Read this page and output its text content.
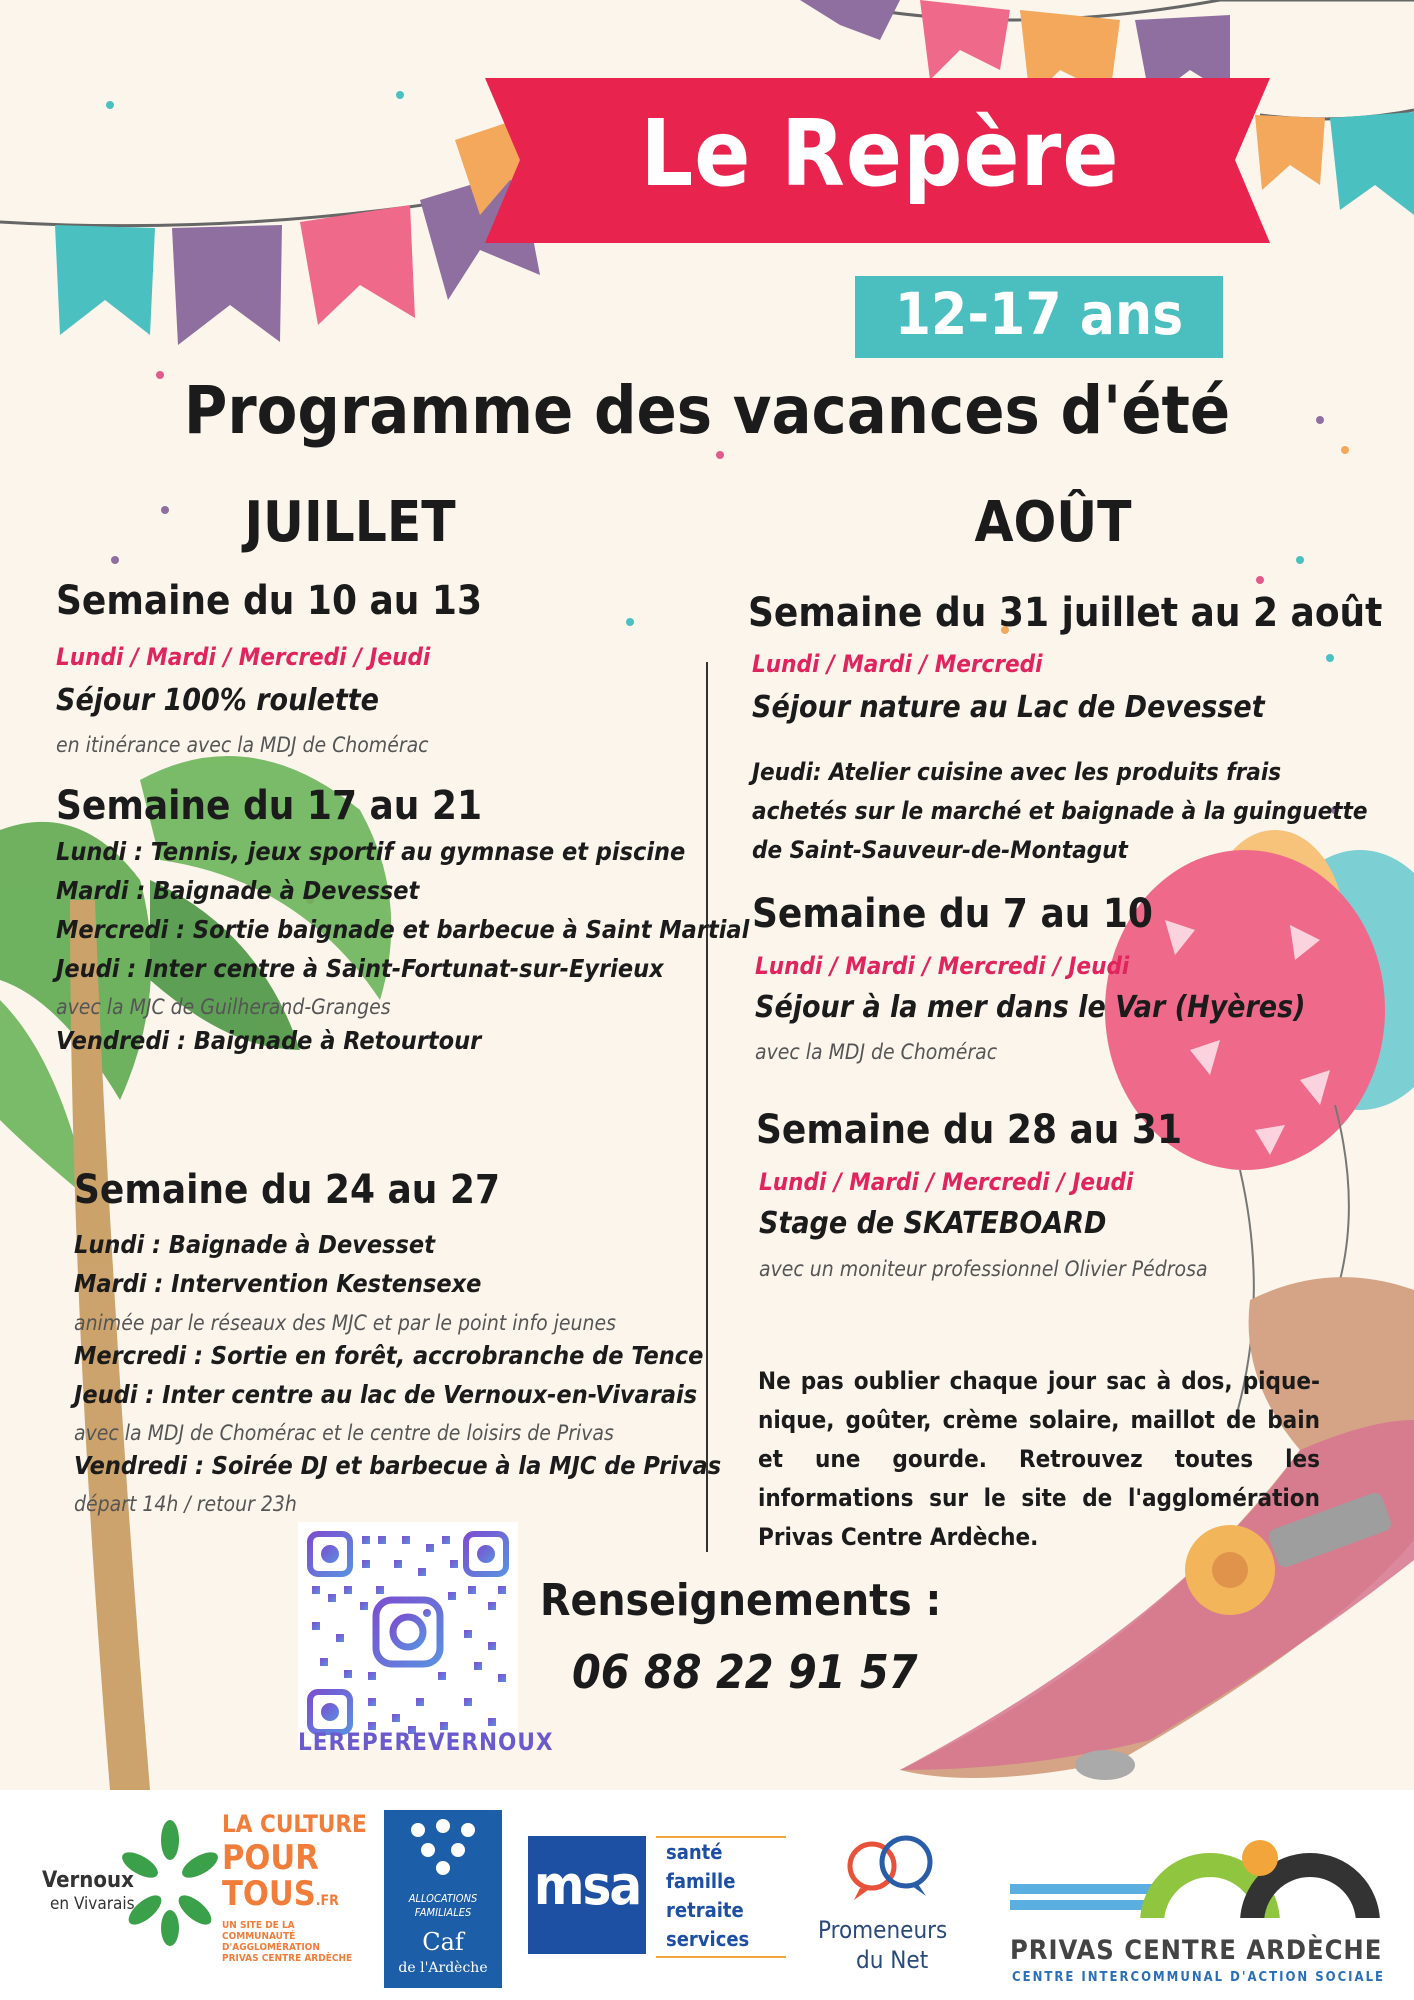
Le Repère
12-17 ans
Programme des vacances d'été
JUILLET	AOÛT
Semaine du 10 au 13
Lundi / Mardi / Mercredi / Jeudi
Séjour 100% roulette
en itinérance avec la MDJ de Chomérac
Semaine du 17 au 21
Lundi : Tennis, jeux sportif au gymnase et piscine
Mardi : Baignade à Devesset
Mercredi : Sortie baignade et barbecue à Saint Martial
Jeudi : Inter centre à Saint-Fortunat-sur-Eyrieux
avec la MJC de Guilherand-Granges
Vendredi : Baignade à Retourtour
Semaine du 24 au 27
Lundi : Baignade à Devesset
Mardi : Intervention Kestensexe
animée par le réseaux des MJC et par le point info jeunes
Mercredi : Sortie en forêt, accrobranche de Tence
Jeudi : Inter centre au lac de Vernoux-en-Vivarais
avec la MDJ de Chomérac et le centre de loisirs de Privas
Vendredi : Soirée DJ et barbecue à la MJC de Privas
départ 14h / retour 23h
Semaine du 31 juillet au 2 août
Lundi / Mardi / Mercredi
Séjour nature au Lac de Devesset
Jeudi: Atelier cuisine avec les produits frais achetés sur le marché et baignade à la guinguette de Saint-Sauveur-de-Montagut
Semaine du 7 au 10
Lundi / Mardi / Mercredi / Jeudi
Séjour à la mer dans le Var (Hyères)
avec la MDJ de Chomérac
Semaine du 28 au 31
Lundi / Mardi / Mercredi / Jeudi
Stage de SKATEBOARD
avec un moniteur professionnel Olivier Pédrosa
Ne pas oublier chaque jour sac à dos, pique-nique, goûter, crème solaire, maillot de bain et une gourde. Retrouvez toutes les informations sur le site de l'agglomération Privas Centre Ardèche.
LEREPEREVERNOUX
Renseignements :
06 88 22 91 57
Vernoux
en Vivarais
LA CULTURE
POUR
TOUS.FR
UN SITE DE LA
COMMUNAUTÉ
D'AGGLOMÉRATION
PRIVAS CENTRE ARDÈCHE
ALLOCATIONS
FAMILIALES
Caf
de l'Ardèche
msa
santé
famille
retraite
services	Promeneurs
du Net	PRIVAS CENTRE ARDÈCHE
CENTRE INTERCOMMUNAL D'ACTION SOCIALE
